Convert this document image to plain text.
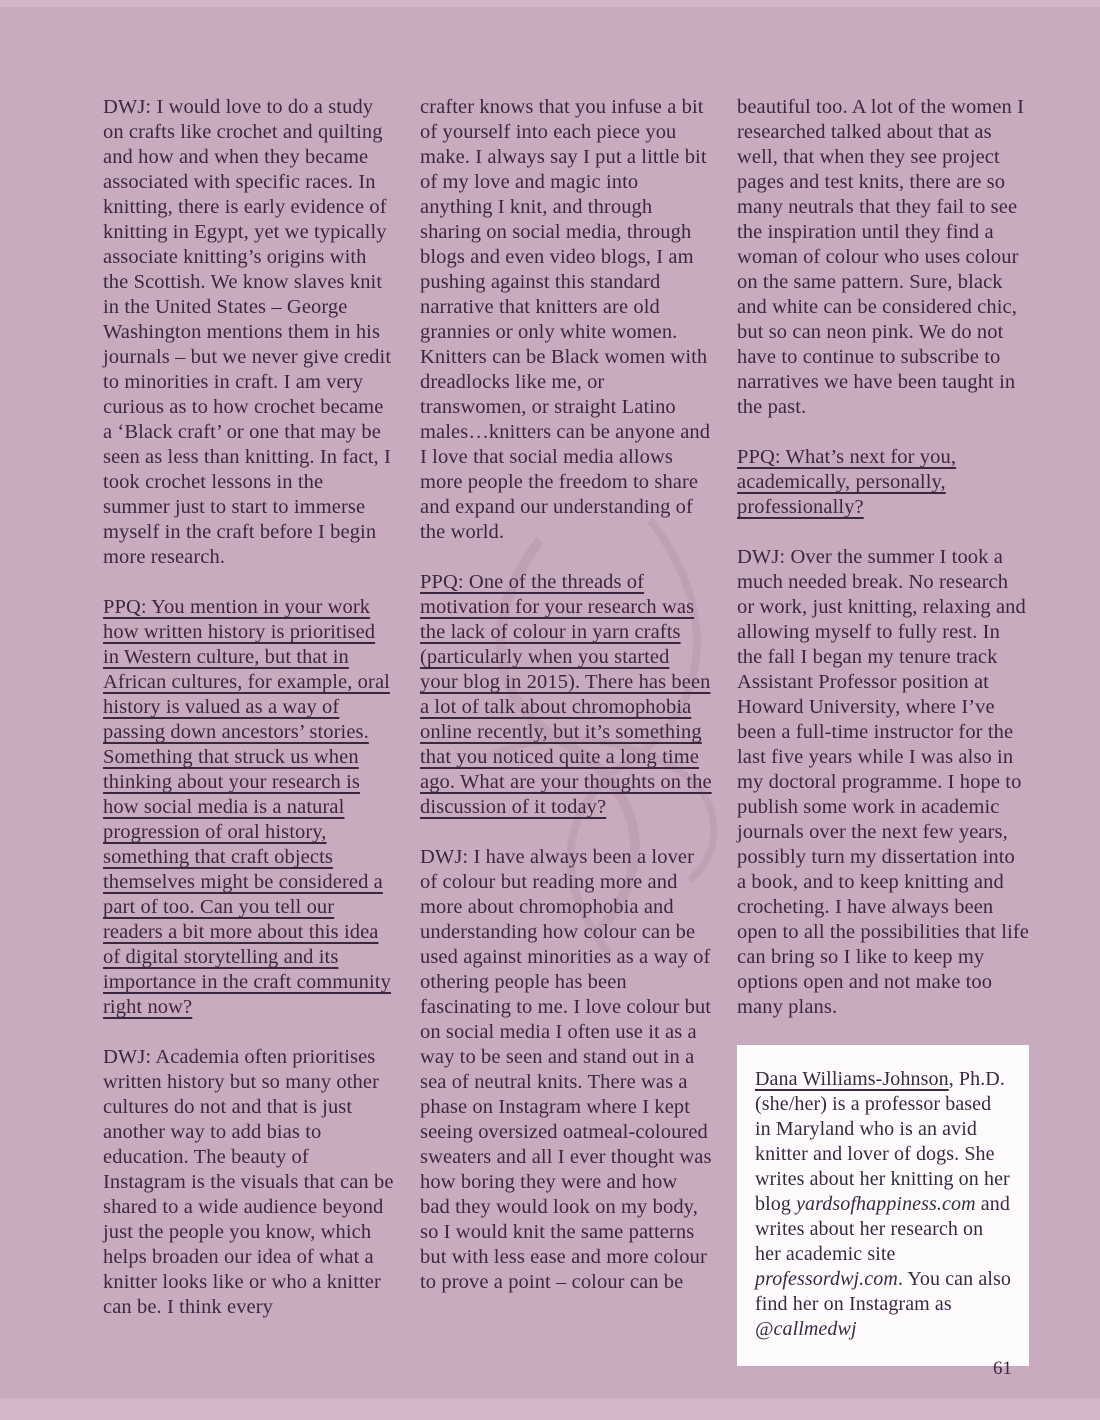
DWJ: I would love to do a study on crafts like crochet and quilting and how and when they became associated with specific races. In knitting, there is early evidence of knitting in Egypt, yet we typically associate knitting’s origins with the Scottish. We know slaves knit in the United States – George Washington mentions them in his journals – but we never give credit to minorities in craft. I am very curious as to how crochet became a ‘Black craft’ or one that may be seen as less than knitting. In fact, I took crochet lessons in the summer just to start to immerse myself in the craft before I begin more research.

PPQ: You mention in your work how written history is prioritised in Western culture, but that in African cultures, for example, oral history is valued as a way of passing down ancestors’ stories. Something that struck us when thinking about your research is how social media is a natural progression of oral history, something that craft objects themselves might be considered a part of too. Can you tell our readers a bit more about this idea of digital storytelling and its importance in the craft community right now?

DWJ: Academia often prioritises written history but so many other cultures do not and that is just another way to add bias to education. The beauty of Instagram is the visuals that can be shared to a wide audience beyond just the people you know, which helps broaden our idea of what a knitter looks like or who a knitter can be. I think every

crafter knows that you infuse a bit of yourself into each piece you make. I always say I put a little bit of my love and magic into anything I knit, and through sharing on social media, through blogs and even video blogs, I am pushing against this standard narrative that knitters are old grannies or only white women. Knitters can be Black women with dreadlocks like me, or transwomen, or straight Latino males…knitters can be anyone and I love that social media allows more people the freedom to share and expand our understanding of the world.

PPQ: One of the threads of motivation for your research was the lack of colour in yarn crafts (particularly when you started your blog in 2015). There has been a lot of talk about chromophobia online recently, but it’s something that you noticed quite a long time ago. What are your thoughts on the discussion of it today?

DWJ: I have always been a lover of colour but reading more and more about chromophobia and understanding how colour can be used against minorities as a way of othering people has been fascinating to me. I love colour but on social media I often use it as a way to be seen and stand out in a sea of neutral knits. There was a phase on Instagram where I kept seeing oversized oatmeal-coloured sweaters and all I ever thought was how boring they were and how bad they would look on my body, so I would knit the same patterns but with less ease and more colour to prove a point – colour can be

beautiful too. A lot of the women I researched talked about that as well, that when they see project pages and test knits, there are so many neutrals that they fail to see the inspiration until they find a woman of colour who uses colour on the same pattern. Sure, black and white can be considered chic, but so can neon pink. We do not have to continue to subscribe to narratives we have been taught in the past.

PPQ: What’s next for you, academically, personally, professionally?

DWJ: Over the summer I took a much needed break. No research or work, just knitting, relaxing and allowing myself to fully rest. In the fall I began my tenure track Assistant Professor position at Howard University, where I’ve been a full-time instructor for the last five years while I was also in my doctoral programme. I hope to publish some work in academic journals over the next few years, possibly turn my dissertation into a book, and to keep knitting and crocheting. I have always been open to all the possibilities that life can bring so I like to keep my options open and not make too many plans.

Dana Williams-Johnson, Ph.D. (she/her) is a professor based in Maryland who is an avid knitter and lover of dogs. She writes about her knitting on her blog yardsofhappiness.com and writes about her research on her academic site professordwj.com. You can also find her on Instagram as @callmedwj
61
